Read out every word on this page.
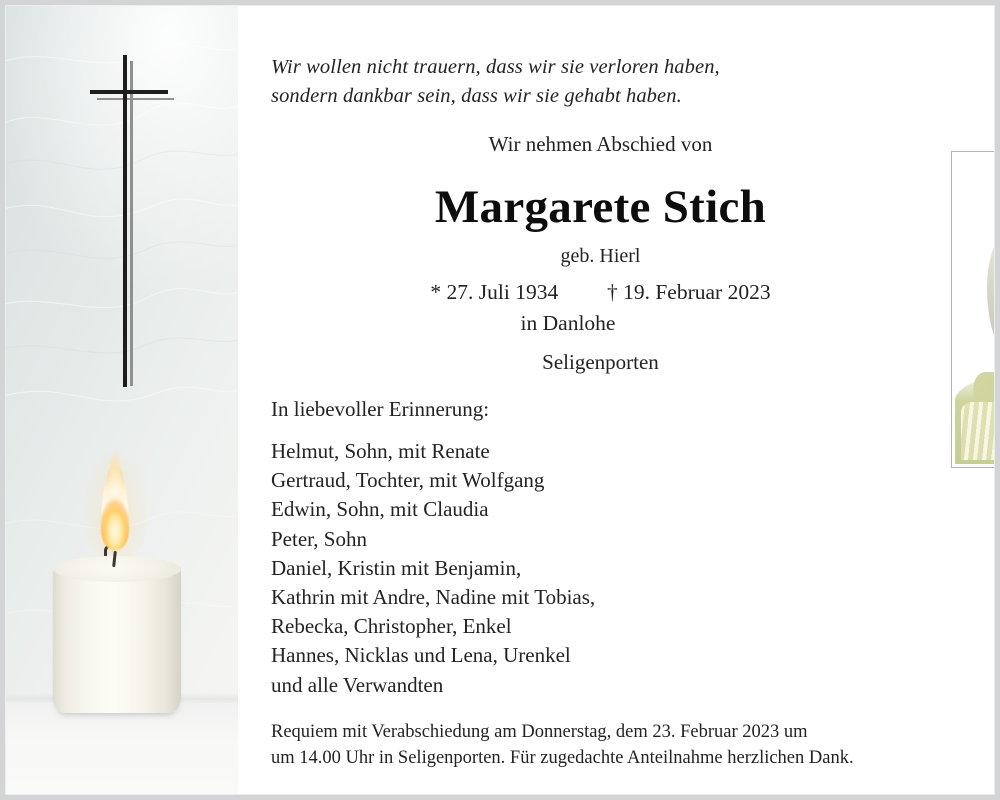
Wir wollen nicht trauern, dass wir sie verloren haben,
sondern dankbar sein, dass wir sie gehabt haben.
Wir nehmen Abschied von
Margarete Stich
geb. Hierl
* 27. Juli 1934 † 19. Februar 2023
in Danlohe
Seligenporten
In liebevoller Erinnerung:
Helmut, Sohn, mit Renate
Gertraud, Tochter, mit Wolfgang
Edwin, Sohn, mit Claudia
Peter, Sohn
Daniel, Kristin mit Benjamin,
Kathrin mit Andre, Nadine mit Tobias,
Rebecka, Christopher, Enkel
Hannes, Nicklas und Lena, Urenkel
und alle Verwandten
Requiem mit Verabschiedung am Donnerstag, dem 23. Februar 2023 um
um 14.00 Uhr in Seligenporten. Für zugedachte Anteilnahme herzlichen Dank.
